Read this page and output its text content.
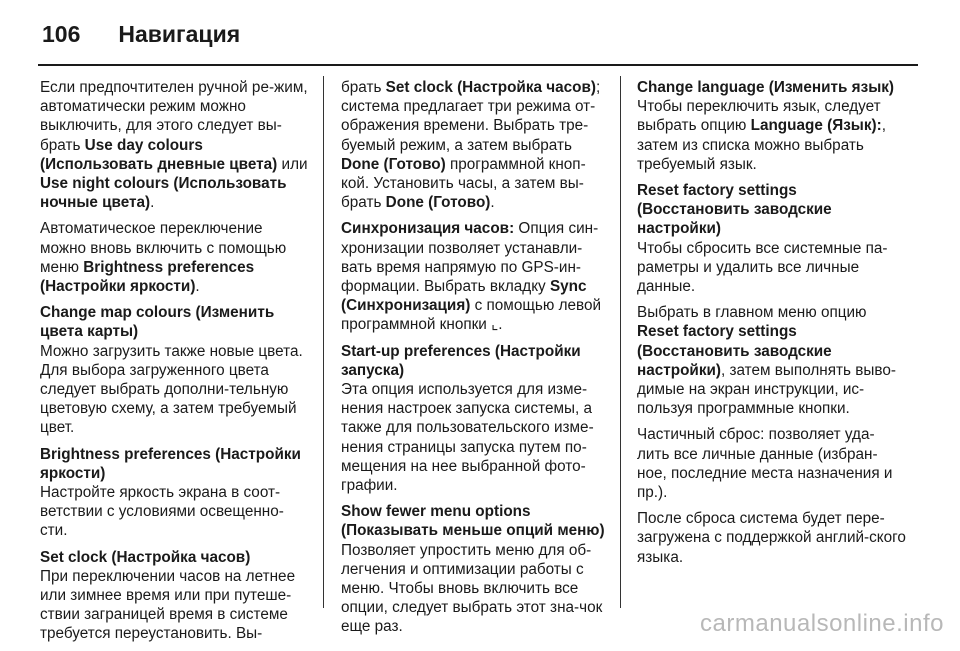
106 Навигация

Если предпочтителен ручной ре-жим, автоматически режим можно выключить, для этого следует вы-брать Use day colours (Использовать дневные цвета) или Use night colours (Использовать ночные цвета).

Автоматическое переключение можно вновь включить с помощью меню Brightness preferences (Настройки яркости).

Change map colours (Изменить цвета карты)

Можно загрузить также новые цвета. Для выбора загруженного цвета следует выбрать дополни-тельную цветовую схему, а затем требуемый цвет.

Brightness preferences (Настройки яркости)

Настройте яркость экрана в соот-ветствии с условиями освещенно-сти.

Set clock (Настройка часов)

При переключении часов на летнее или зимнее время или при путеше-ствии заграницей время в системе требуется переустановить. Вы-

брать Set clock (Настройка часов); система предлагает три режима от-ображения времени. Выбрать тре-буемый режим, а затем выбрать Done (Готово) программной кноп-кой. Установить часы, а затем вы-брать Done (Готово).

Синхронизация часов: Опция син-хронизации позволяет устанавли-вать время напрямую по GPS-ин-формации. Выбрать вкладку Sync (Синхронизация) с помощью левой программной кнопки ⌞.

Start-up preferences (Настройки запуска)

Эта опция используется для изме-нения настроек запуска системы, а также для пользовательского изме-нения страницы запуска путем по-мещения на нее выбранной фото-графии.

Show fewer menu options (Показывать меньше опций меню)

Позволяет упростить меню для об-легчения и оптимизации работы с меню. Чтобы вновь включить все опции, следует выбрать этот зна-чок еще раз.

Change language (Изменить язык)

Чтобы переключить язык, следует выбрать опцию Language (Язык):, затем из списка можно выбрать требуемый язык.

Reset factory settings (Восстановить заводские настройки)

Чтобы сбросить все системные па-раметры и удалить все личные данные.

Выбрать в главном меню опцию Reset factory settings (Восстановить заводские настройки), затем выполнять выво-димые на экран инструкции, ис-пользуя программные кнопки.

Частичный сброс: позволяет уда-лить все личные данные (избран-ное, последние места назначения и пр.).

После сброса система будет пере-загружена с поддержкой англий-ского языка.

carmanualsonline.info
